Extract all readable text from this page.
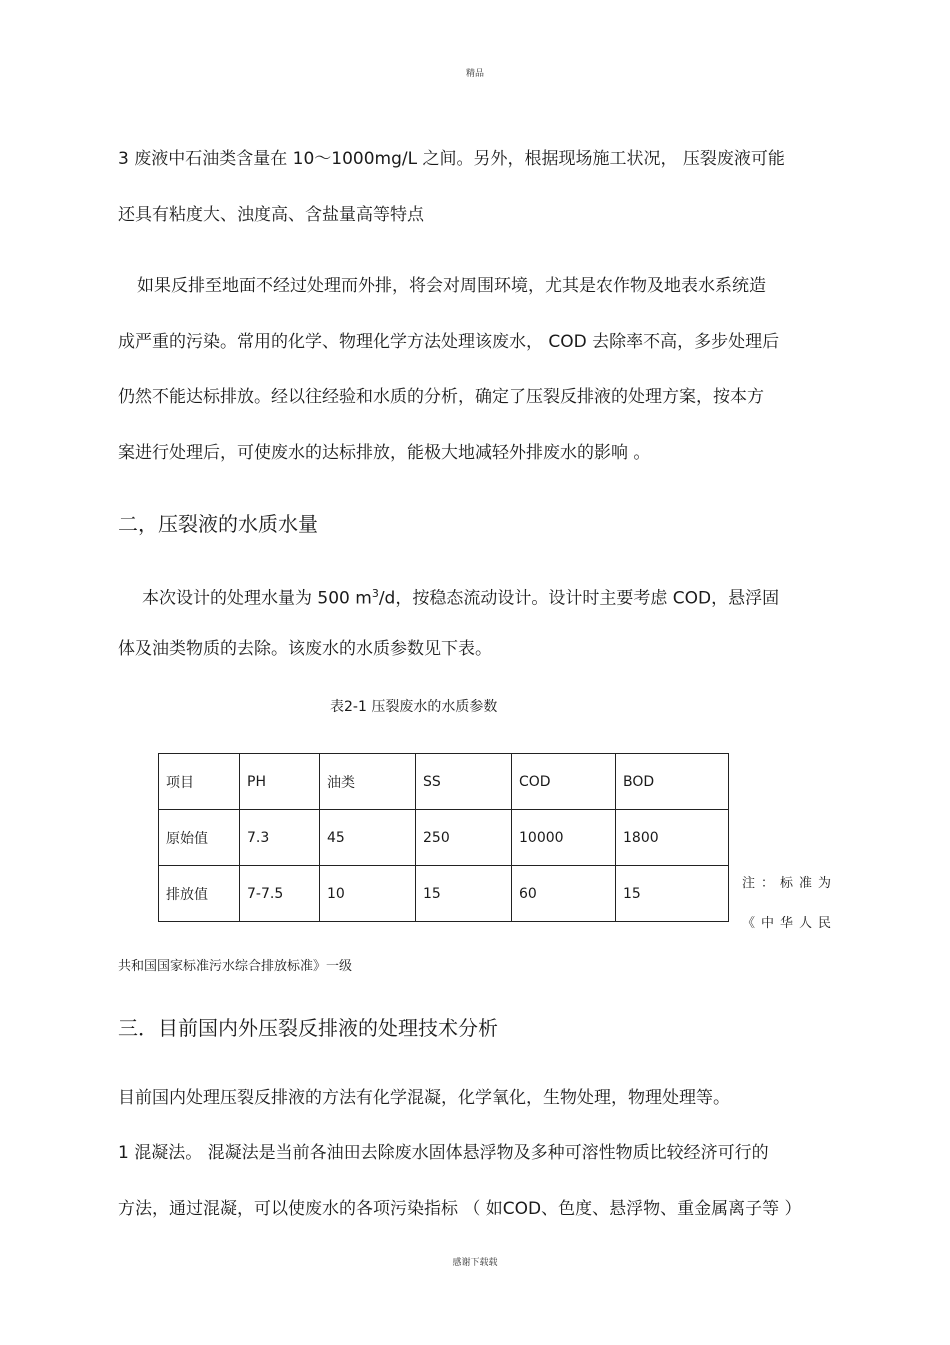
精品
3 废液中石油类含量在 10～1000mg/L 之间。另外，根据现场施工状况， 压裂废液可能
还具有粘度大、浊度高、含盐量高等特点
如果反排至地面不经过处理而外排，将会对周围环境，尤其是农作物及地表水系统造
成严重的污染。常用的化学、物理化学方法处理该废水， COD 去除率不高，多步处理后
仍然不能达标排放。经以往经验和水质的分析，确定了压裂反排液的处理方案，按本方
案进行处理后，可使废水的达标排放，能极大地减轻外排废水的影响 。
二，压裂液的水质水量
本次设计的处理水量为 500 $m^3/d$，按稳态流动设计。设计时主要考虑 COD，悬浮固
体及油类物质的去除。该废水的水质参数见下表。
表2-1 压裂废水的水质参数
项目	PH	油类	SS	COD	BOD
原始值	7.3	45	250	10000	1800
排放值	7-7.5	10	15	60	15
注：标准为
《中华人民
共和国国家标准污水综合排放标准》一级
三．目前国内外压裂反排液的处理技术分析
目前国内处理压裂反排液的方法有化学混凝，化学氧化，生物处理，物理处理等。
1 混凝法。 混凝法是当前各油田去除废水固体悬浮物及多种可溶性物质比较经济可行的
方法，通过混凝，可以使废水的各项污染指标 （ 如COD、色度、悬浮物、重金属离子等 ）
感谢下载载
